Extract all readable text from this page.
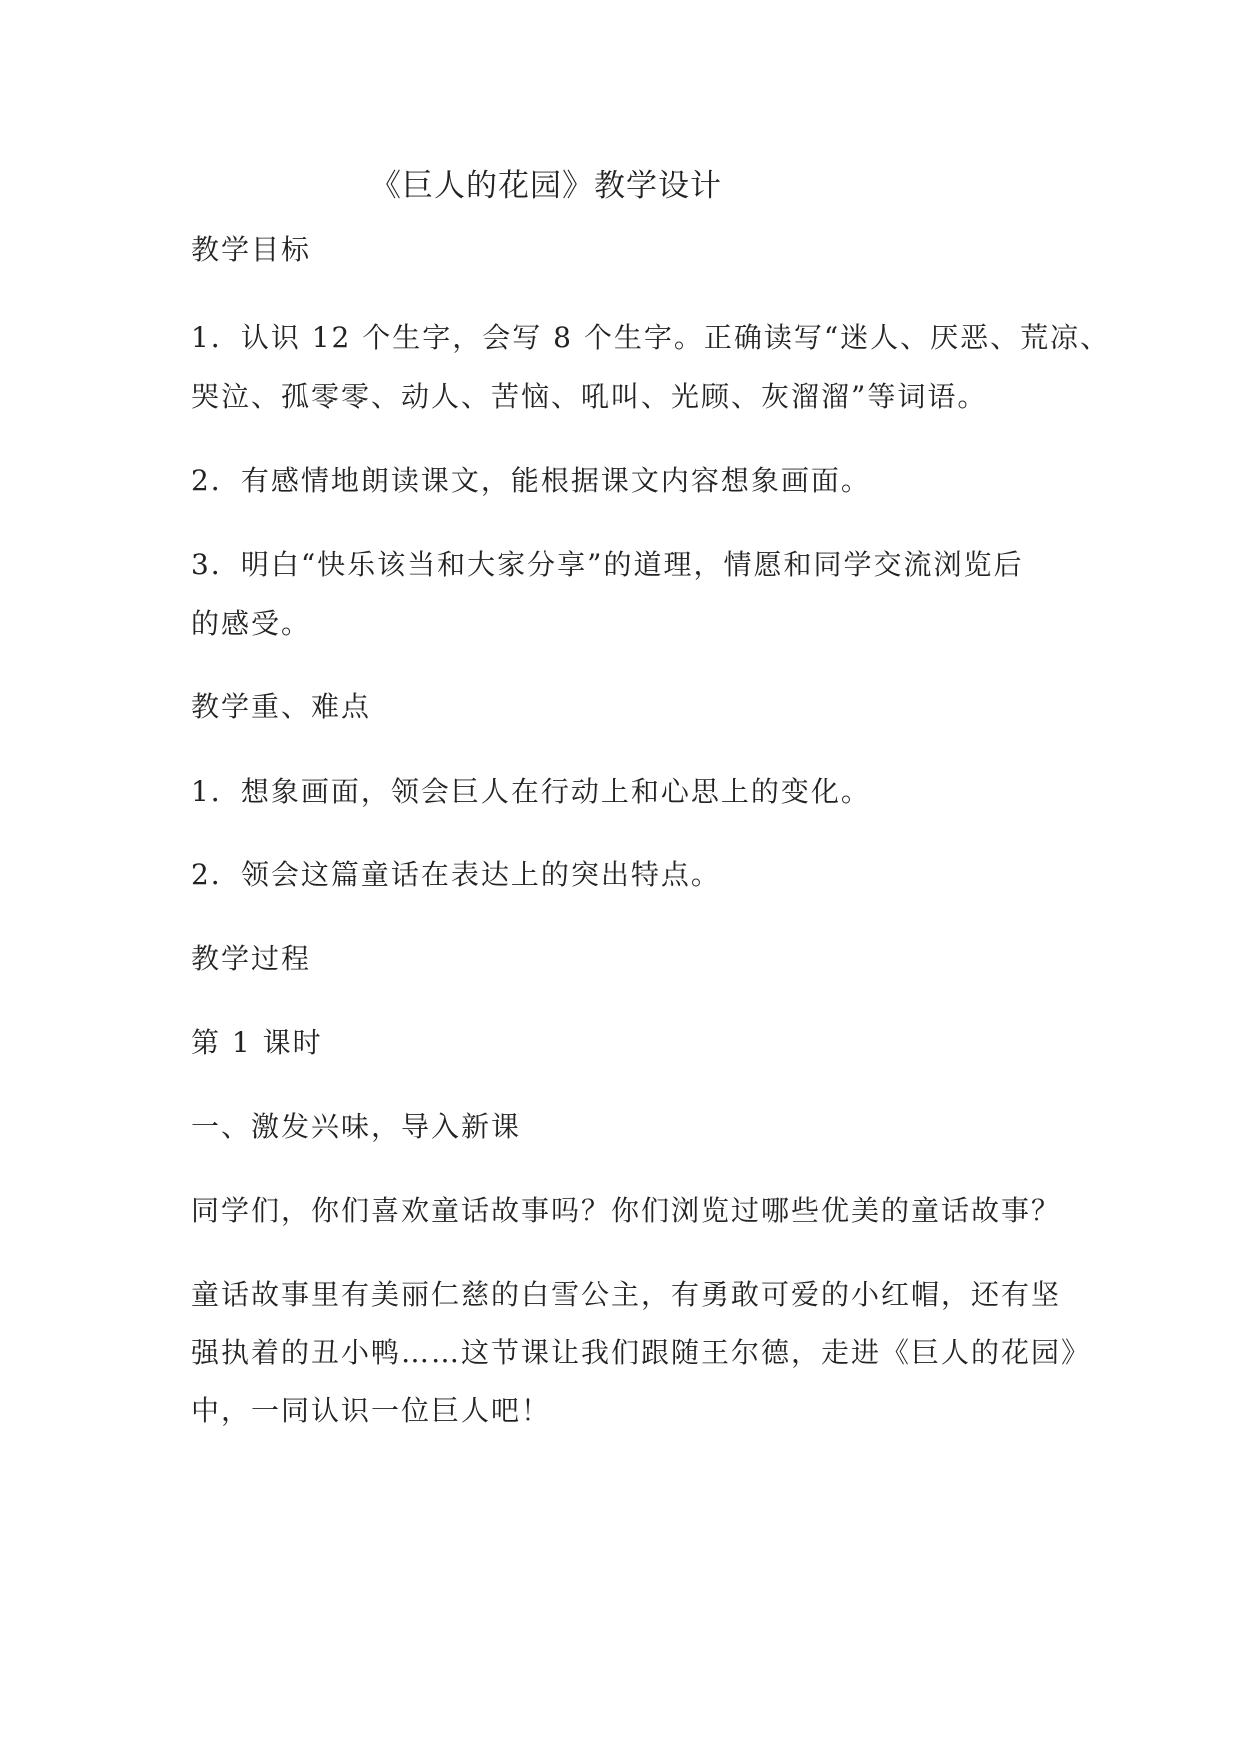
《巨人的花园》教学设计

教学目标

1．认识 12 个生字，会写 8 个生字。正确读写“迷人、厌恶、荒凉、

哭泣、孤零零、动人、苦恼、吼叫、光顾、灰溜溜”等词语。

2．有感情地朗读课文，能根据课文内容想象画面。

3．明白“快乐该当和大家分享”的道理，情愿和同学交流浏览后

的感受。

教学重、难点

1．想象画面，领会巨人在行动上和心思上的变化。

2．领会这篇童话在表达上的突出特点。

教学过程

第 1 课时

一、激发兴味，导入新课

同学们，你们喜欢童话故事吗？你们浏览过哪些优美的童话故事？

童话故事里有美丽仁慈的白雪公主，有勇敢可爱的小红帽，还有坚

强执着的丑小鸭……这节课让我们跟随王尔德，走进《巨人的花园》

中，一同认识一位巨人吧！
